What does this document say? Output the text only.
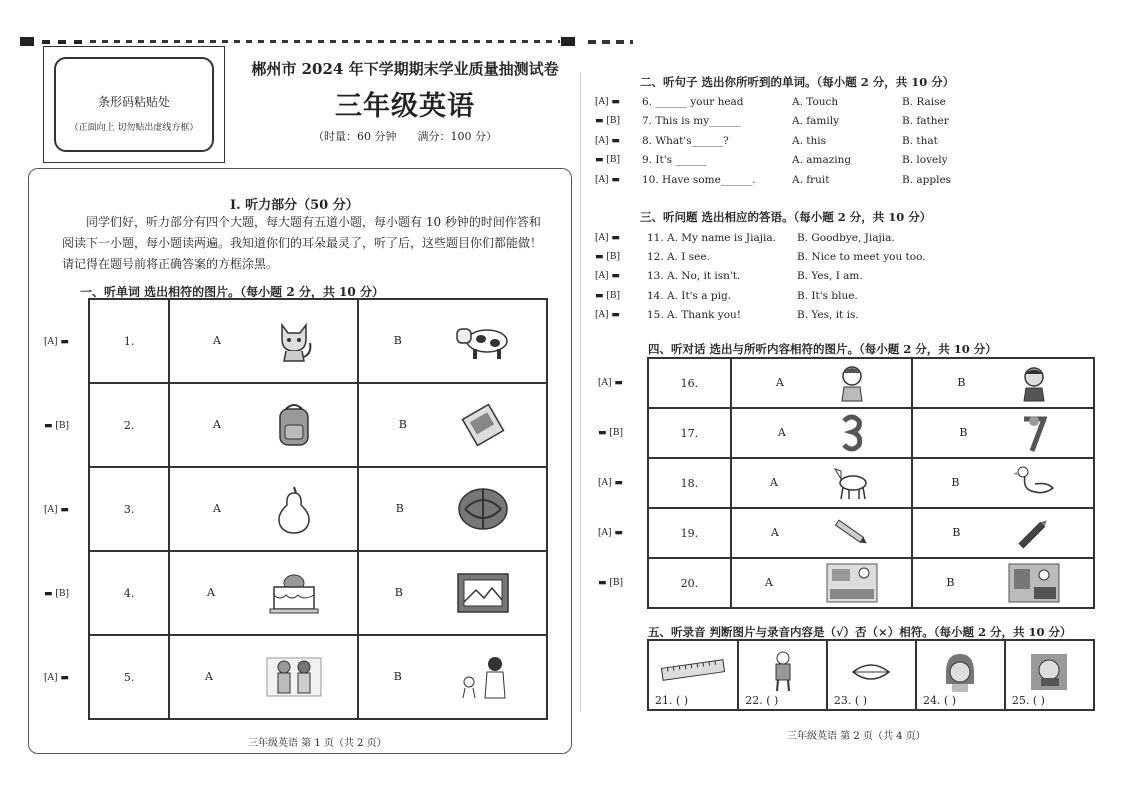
条形码粘贴处
（正面向上 切勿贴出虚线方框）
郴州市 2024 年下学期期末学业质量抽测试卷
三年级英语
（时量：60 分钟 满分：100 分）
I. 听力部分（50 分）
同学们好，听力部分有四个大题，每大题有五道小题，每小题有 10 秒钟的时间作答和阅读下一小题，每小题读两遍。我知道你们的耳朵最灵了，听了后，这些题目你们都能做！请记得在题号前将正确答案的方框涂黑。
一、听单词 选出相符的图片。（每小题 2 分，共 10 分）
1.	A	B

2.	A	B

3.	A	B

4.	A	B

5.	A	B
[A] ▬
▬ [B]
[A] ▬
▬ [B]
[A] ▬
三年级英语 第 1 页（共 2 页）
二、听句子 选出你所听到的单词。（每小题 2 分，共 10 分）
[A] ▬ 6. ______ your head	A. Touch	B. Raise
▬ [B] 7. This is my______	A. family	B. father
[A] ▬ 8. What's______?	A. this	B. that
▬ [B] 9. It's ______	A. amazing	B. lovely
[A] ▬ 10. Have some______.	A. fruit	B. apples
三、听问题 选出相应的答语。（每小题 2 分，共 10 分）
[A] ▬	11. A. My name is Jiajia. B. Goodbye, Jiajia.
▬ [B]	12. A. I see.	B. Nice to meet you too.
[A] ▬	13. A. No, it isn't.	B. Yes, I am.
▬ [B]	14. A. It's a pig.	B. It's blue.
[A] ▬	15. A. Thank you!	B. Yes, it is.
四、听对话 选出与所听内容相符的图片。（每小题 2 分，共 10 分）
16.	A	B

17.	A	B

18.	A	B

19.	A	B

20.	A	B
[A] ▬
▬ [B]
[A] ▬
[A] ▬
▬ [B]
五、听录音 判断图片与录音内容是（√）否（×）相符。（每小题 2 分，共 10 分）
21. ( )	22. ( )	23. ( )	24. ( )	25. ( )
三年级英语 第 2 页（共 4 页）
